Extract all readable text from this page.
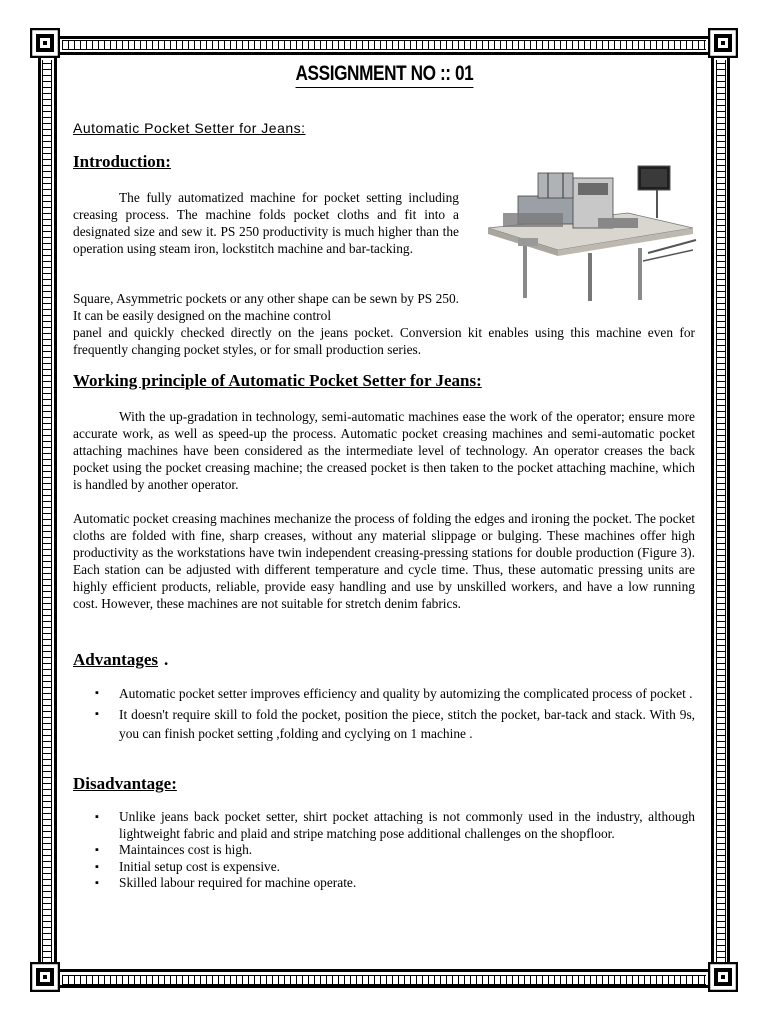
ASSIGNMENT NO :: 01
Automatic Pocket Setter for Jeans:
Introduction:
The fully automatized machine for pocket setting including creasing process. The machine folds pocket cloths and fit into a designated size and sew it. PS 250 productivity is much higher than the operation using steam iron, lockstitch machine and bar-tacking.
Square, Asymmetric pockets or any other shape can be sewn by PS 250. It can be easily designed on the machine control
panel and quickly checked directly on the jeans pocket. Conversion kit enables using this machine even for frequently changing pocket styles, or for small production series.
Working principle of Automatic Pocket Setter for Jeans:
With the up-gradation in technology, semi-automatic machines ease the work of the operator; ensure more accurate work, as well as speed-up the process. Automatic pocket creasing machines and semi-automatic pocket attaching machines have been considered as the intermediate level of technology. An operator creases the back pocket using the pocket creasing machine; the creased pocket is then taken to the pocket attaching machine, which is handled by another operator.
Automatic pocket creasing machines mechanize the process of folding the edges and ironing the pocket. The pocket cloths are folded with fine, sharp creases, without any material slippage or bulging. These machines offer high productivity as the workstations have twin independent creasing-pressing stations for double production (Figure 3). Each station can be adjusted with different temperature and cycle time. Thus, these automatic pressing units are highly efficient products, reliable, provide easy handling and use by unskilled workers, and have a low running cost. However, these machines are not suitable for stretch denim fabrics.
Advantages .
▪ Automatic pocket setter improves efficiency and quality by automizing the complicated process of pocket .
▪ It doesn't require skill to fold the pocket, position the piece, stitch the pocket, bar-tack and stack. With 9s, you can finish pocket setting ,folding and cyclying on 1 machine .
Disadvantage:
▪ Unlike jeans back pocket setter, shirt pocket attaching is not commonly used in the industry, although lightweight fabric and plaid and stripe matching pose additional challenges on the shopfloor.
▪ Maintainces cost is high.
▪ Initial setup cost is expensive.
▪ Skilled labour required for machine operate.
